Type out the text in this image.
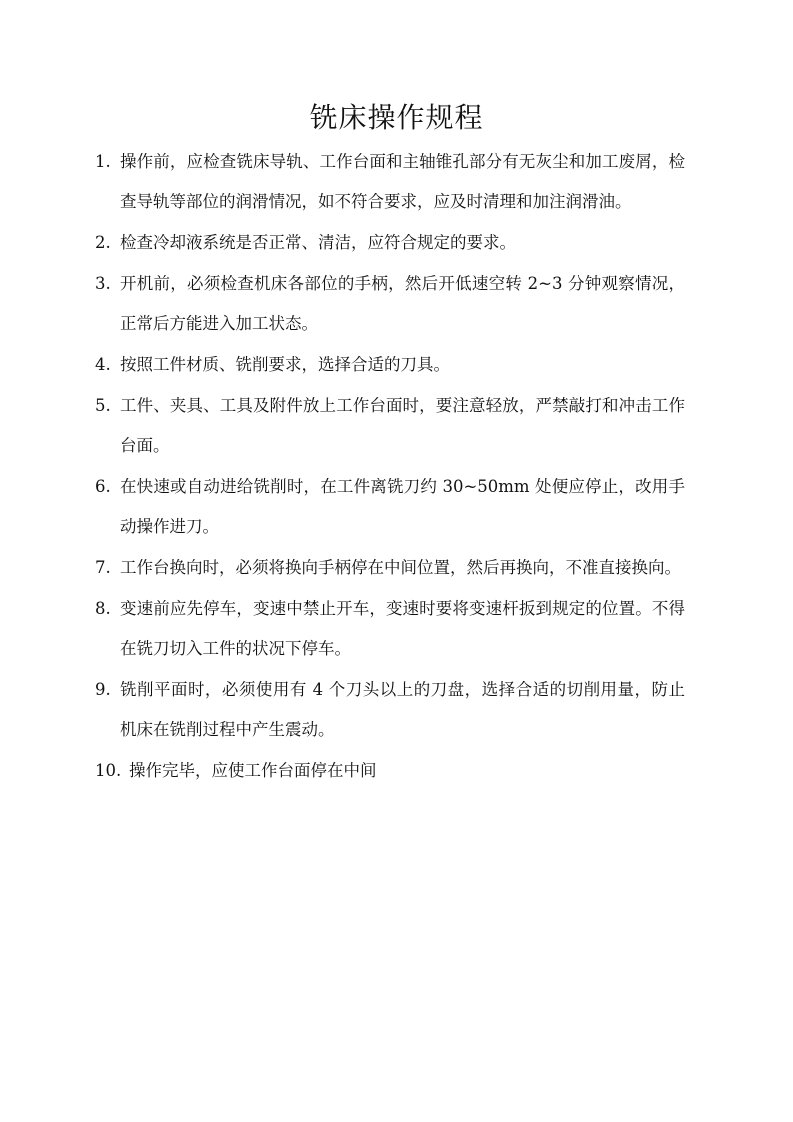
铣床操作规程
1. 操作前，应检查铣床导轨、工作台面和主轴锥孔部分有无灰尘和加工废屑，检查导轨等部位的润滑情况，如不符合要求，应及时清理和加注润滑油。
2. 检查冷却液系统是否正常、清洁，应符合规定的要求。
3. 开机前，必须检查机床各部位的手柄，然后开低速空转 2~3 分钟观察情况，正常后方能进入加工状态。
4. 按照工件材质、铣削要求，选择合适的刀具。
5. 工件、夹具、工具及附件放上工作台面时，要注意轻放，严禁敲打和冲击工作台面。
6. 在快速或自动进给铣削时，在工件离铣刀约 30~50mm 处便应停止，改用手动操作进刀。
7. 工作台换向时，必须将换向手柄停在中间位置，然后再换向，不准直接换向。
8. 变速前应先停车，变速中禁止开车，变速时要将变速杆扳到规定的位置。不得在铣刀切入工件的状况下停车。
9. 铣削平面时，必须使用有 4 个刀头以上的刀盘，选择合适的切削用量，防止机床在铣削过程中产生震动。
10. 操作完毕，应使工作台面停在中间
